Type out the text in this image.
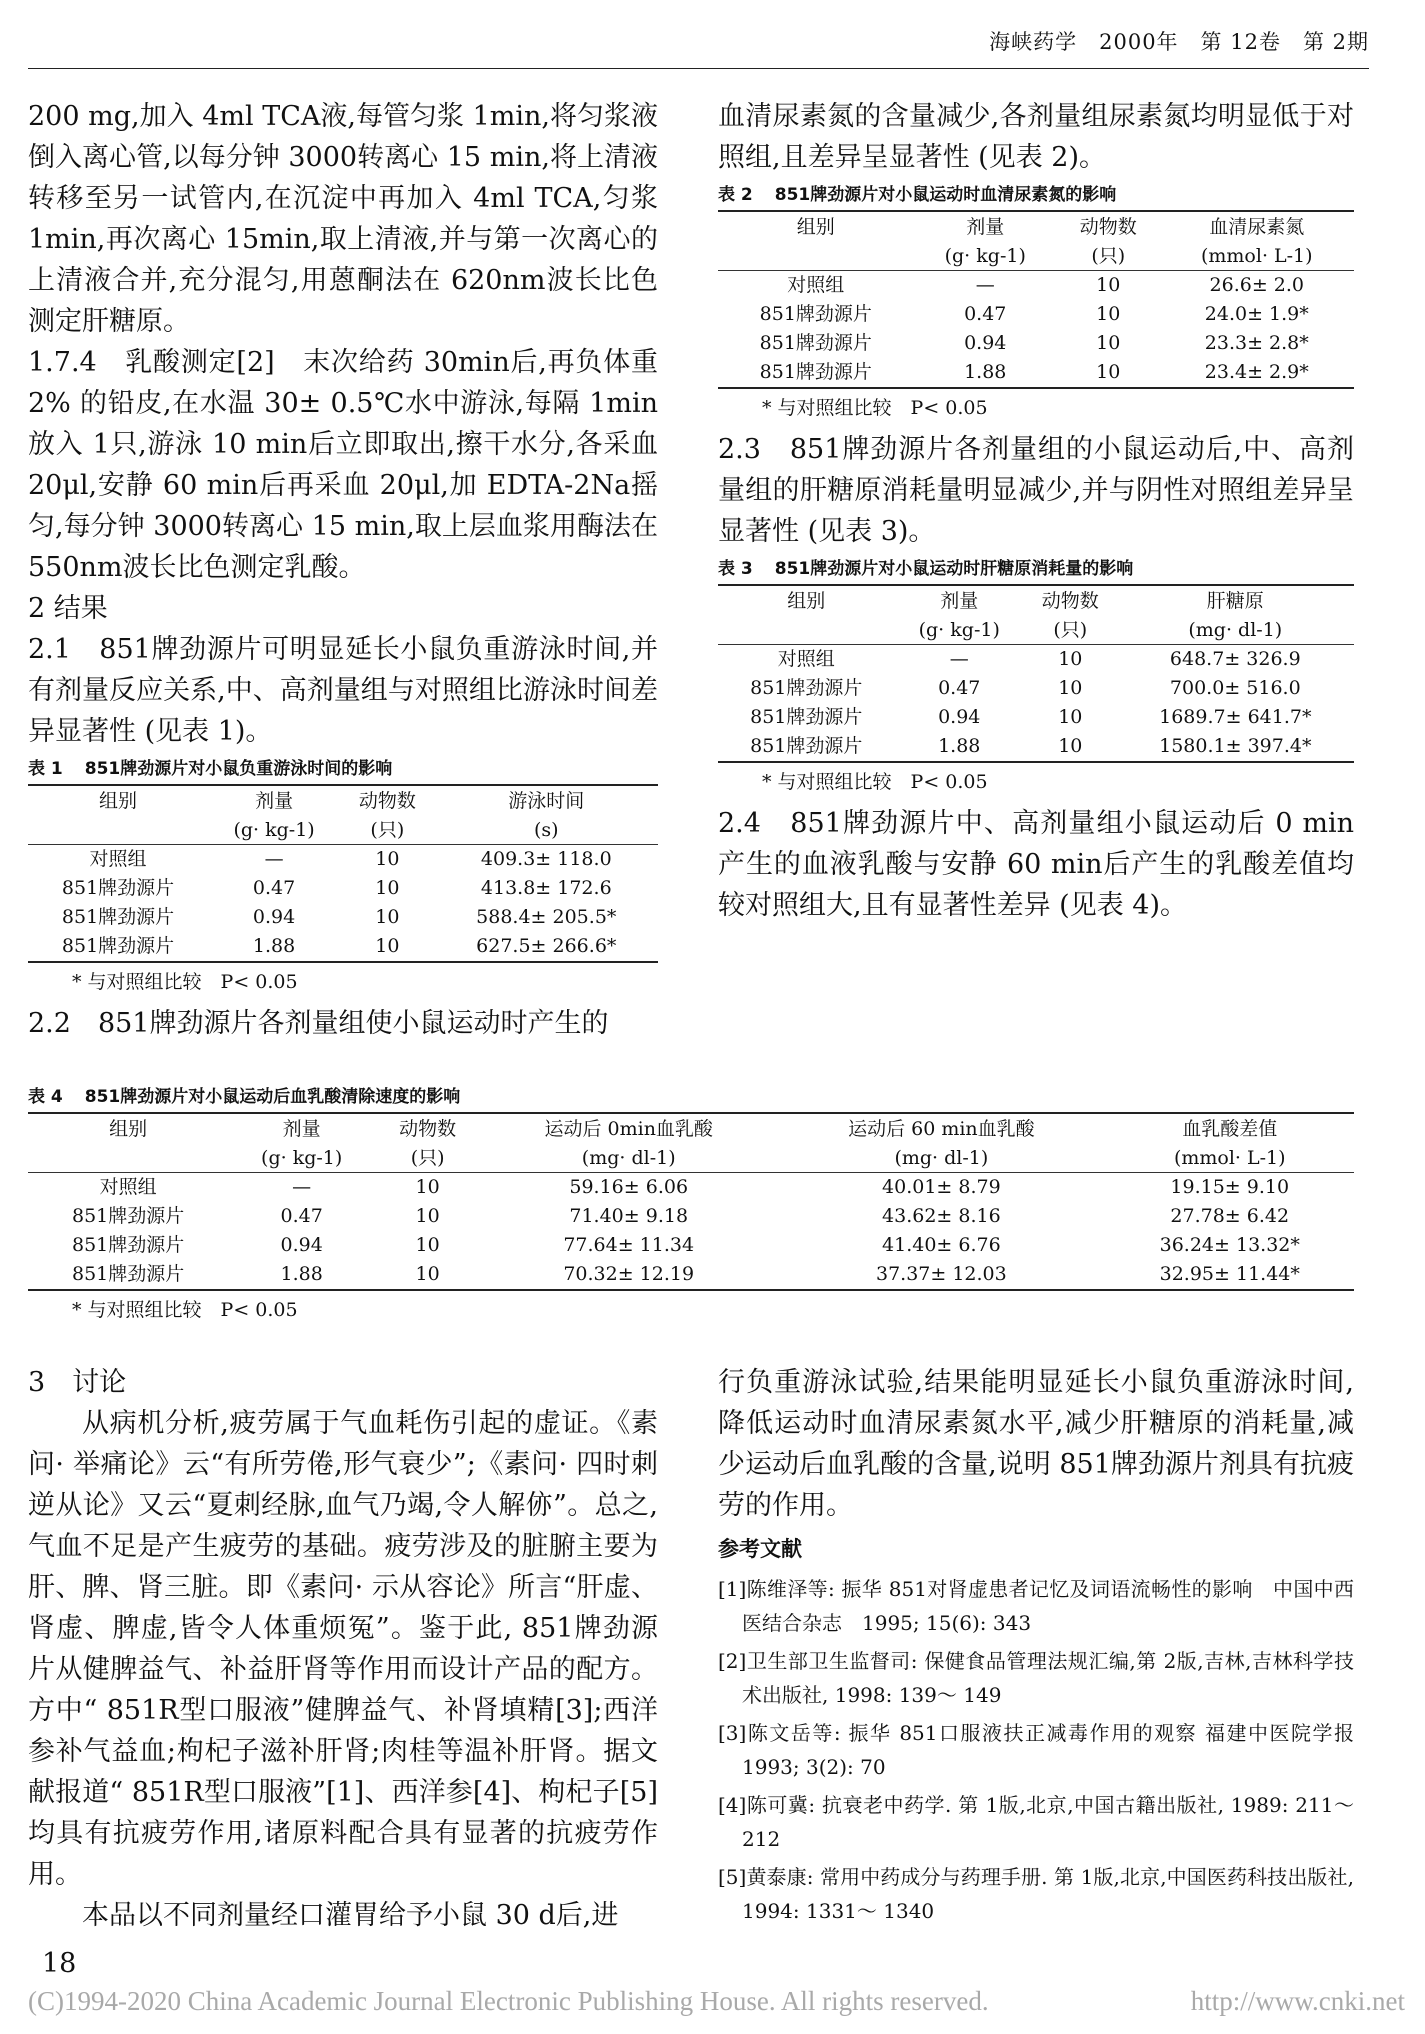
海峡药学　2000年　第 12卷　第 2期

200 mg,加入 4ml TCA液,每管匀浆 1min,将匀浆液倒入离心管,以每分钟 3000转离心 15 min,将上清液转移至另一试管内,在沉淀中再加入 4ml TCA,匀浆 1min,再次离心 15min,取上清液,并与第一次离心的上清液合并,充分混匀,用蒽酮法在 620nm波长比色测定肝糖原。

1.7.4　乳酸测定[2]　末次给药 30min后,再负体重 2% 的铅皮,在水温 30± 0.5℃水中游泳,每隔 1min放入 1只,游泳 10 min后立即取出,擦干水分,各采血 20μl,安静 60 min后再采血 20μl,加 EDTA-2Na摇匀,每分钟 3000转离心 15 min,取上层血浆用酶法在 550nm波长比色测定乳酸。

2 结果

2.1　851牌劲源片可明显延长小鼠负重游泳时间,并有剂量反应关系,中、高剂量组与对照组比游泳时间差异显著性 (见表 1)。

表 1 851牌劲源片对小鼠负重游泳时间的影响
组别	剂量	动物数	游泳时间
	(g· kg-1)	(只)	(s)
对照组	—	10	409.3± 118.0
851牌劲源片	0.47	10	413.8± 172.6
851牌劲源片	0.94	10	588.4± 205.5*
851牌劲源片	1.88	10	627.5± 266.6*
* 与对照组比较　P< 0.05

2.2　851牌劲源片各剂量组使小鼠运动时产生的

血清尿素氮的含量减少,各剂量组尿素氮均明显低于对照组,且差异呈显著性 (见表 2)。

表 2 851牌劲源片对小鼠运动时血清尿素氮的影响
组别	剂量	动物数	血清尿素氮
	(g· kg-1)	(只)	(mmol· L-1)
对照组	—	10	26.6± 2.0
851牌劲源片	0.47	10	24.0± 1.9*
851牌劲源片	0.94	10	23.3± 2.8*
851牌劲源片	1.88	10	23.4± 2.9*
* 与对照组比较　P< 0.05

2.3　851牌劲源片各剂量组的小鼠运动后,中、高剂量组的肝糖原消耗量明显减少,并与阴性对照组差异呈显著性 (见表 3)。

表 3 851牌劲源片对小鼠运动时肝糖原消耗量的影响
组别	剂量	动物数	肝糖原
	(g· kg-1)	(只)	(mg· dl-1)
对照组	—	10	648.7± 326.9
851牌劲源片	0.47	10	700.0± 516.0
851牌劲源片	0.94	10	1689.7± 641.7*
851牌劲源片	1.88	10	1580.1± 397.4*
* 与对照组比较　P< 0.05

2.4　851牌劲源片中、高剂量组小鼠运动后 0 min产生的血液乳酸与安静 60 min后产生的乳酸差值均较对照组大,且有显著性差异 (见表 4)。

表 4 851牌劲源片对小鼠运动后血乳酸清除速度的影响
组别	剂量	动物数	运动后 0min血乳酸	运动后 60 min血乳酸	血乳酸差值
	(g· kg-1)	(只)	(mg· dl-1)	(mg· dl-1)	(mmol· L-1)
对照组	—	10	59.16± 6.06	40.01± 8.79	19.15± 9.10
851牌劲源片	0.47	10	71.40± 9.18	43.62± 8.16	27.78± 6.42
851牌劲源片	0.94	10	77.64± 11.34	41.40± 6.76	36.24± 13.32*
851牌劲源片	1.88	10	70.32± 12.19	37.37± 12.03	32.95± 11.44*
* 与对照组比较　P< 0.05

3　讨论

从病机分析,疲劳属于气血耗伤引起的虚证。《素问· 举痛论》云“有所劳倦,形气衰少”;《素问· 四时刺逆从论》又云“夏刺经脉,血气乃竭,令人解㑊”。总之,气血不足是产生疲劳的基础。疲劳涉及的脏腑主要为肝、脾、肾三脏。即《素问· 示从容论》所言“肝虚、肾虚、脾虚,皆令人体重烦冤”。鉴于此, 851牌劲源片从健脾益气、补益肝肾等作用而设计产品的配方。方中“ 851R型口服液”健脾益气、补肾填精[3];西洋参补气益血;枸杞子滋补肝肾;肉桂等温补肝肾。据文献报道“ 851R型口服液”[1]、西洋参[4]、枸杞子[5]均具有抗疲劳作用,诸原料配合具有显著的抗疲劳作用。

本品以不同剂量经口灌胃给予小鼠 30 d后,进

行负重游泳试验,结果能明显延长小鼠负重游泳时间,降低运动时血清尿素氮水平,减少肝糖原的消耗量,减少运动后血乳酸的含量,说明 851牌劲源片剂具有抗疲劳的作用。

参考文献

[1]陈维泽等: 振华 851对肾虚患者记忆及词语流畅性的影响　中国中西医结合杂志　1995; 15(6): 343

[2]卫生部卫生监督司: 保健食品管理法规汇编,第 2版,吉林,吉林科学技术出版社, 1998: 139～ 149

[3]陈文岳等: 振华 851口服液扶正减毒作用的观察 福建中医院学报　1993; 3(2): 70

[4]陈可冀: 抗衰老中药学. 第 1版,北京,中国古籍出版社, 1989: 211～ 212

[5]黄泰康: 常用中药成分与药理手册. 第 1版,北京,中国医药科技出版社, 1994: 1331～ 1340

18
(C)1994-2020 China Academic Journal Electronic Publishing House. All rights reserved.	http://www.cnki.net
